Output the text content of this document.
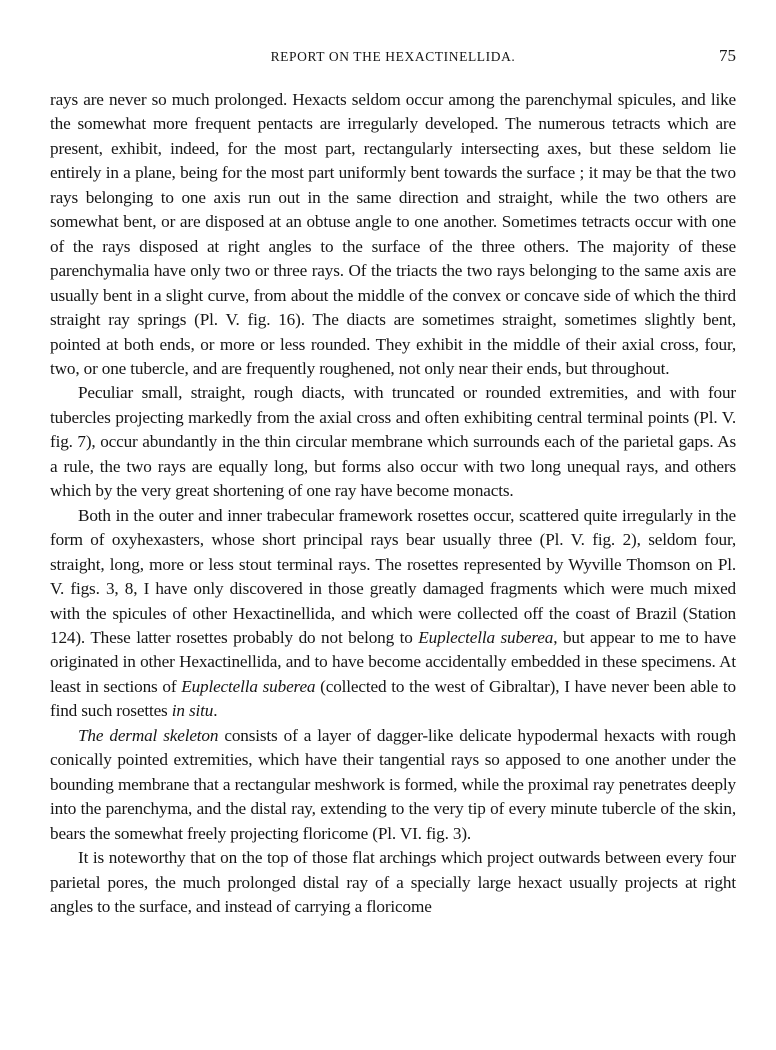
REPORT ON THE HEXACTINELLIDA.	75

rays are never so much prolonged. Hexacts seldom occur among the parenchymal spicules, and like the somewhat more frequent pentacts are irregularly developed. The numerous tetracts which are present, exhibit, indeed, for the most part, rectangularly intersecting axes, but these seldom lie entirely in a plane, being for the most part uniformly bent towards the surface ; it may be that the two rays belonging to one axis run out in the same direction and straight, while the two others are somewhat bent, or are disposed at an obtuse angle to one another. Sometimes tetracts occur with one of the rays disposed at right angles to the surface of the three others. The majority of these parenchymalia have only two or three rays. Of the triacts the two rays belonging to the same axis are usually bent in a slight curve, from about the middle of the convex or concave side of which the third straight ray springs (Pl. V. fig. 16). The diacts are sometimes straight, sometimes slightly bent, pointed at both ends, or more or less rounded. They exhibit in the middle of their axial cross, four, two, or one tubercle, and are frequently roughened, not only near their ends, but throughout.

Peculiar small, straight, rough diacts, with truncated or rounded extremities, and with four tubercles projecting markedly from the axial cross and often exhibiting central terminal points (Pl. V. fig. 7), occur abundantly in the thin circular membrane which surrounds each of the parietal gaps. As a rule, the two rays are equally long, but forms also occur with two long unequal rays, and others which by the very great shortening of one ray have become monacts.

Both in the outer and inner trabecular framework rosettes occur, scattered quite irregularly in the form of oxyhexasters, whose short principal rays bear usually three (Pl. V. fig. 2), seldom four, straight, long, more or less stout terminal rays. The rosettes represented by Wyville Thomson on Pl. V. figs. 3, 8, I have only discovered in those greatly damaged fragments which were much mixed with the spicules of other Hexactinellida, and which were collected off the coast of Brazil (Station 124). These latter rosettes probably do not belong to Euplectella suberea, but appear to me to have originated in other Hexactinellida, and to have become accidentally embedded in these specimens. At least in sections of Euplectella suberea (collected to the west of Gibraltar), I have never been able to find such rosettes in situ.

The dermal skeleton consists of a layer of dagger-like delicate hypodermal hexacts with rough conically pointed extremities, which have their tangential rays so apposed to one another under the bounding membrane that a rectangular meshwork is formed, while the proximal ray penetrates deeply into the parenchyma, and the distal ray, extending to the very tip of every minute tubercle of the skin, bears the somewhat freely projecting floricome (Pl. VI. fig. 3).

It is noteworthy that on the top of those flat archings which project outwards between every four parietal pores, the much prolonged distal ray of a specially large hexact usually projects at right angles to the surface, and instead of carrying a floricome
